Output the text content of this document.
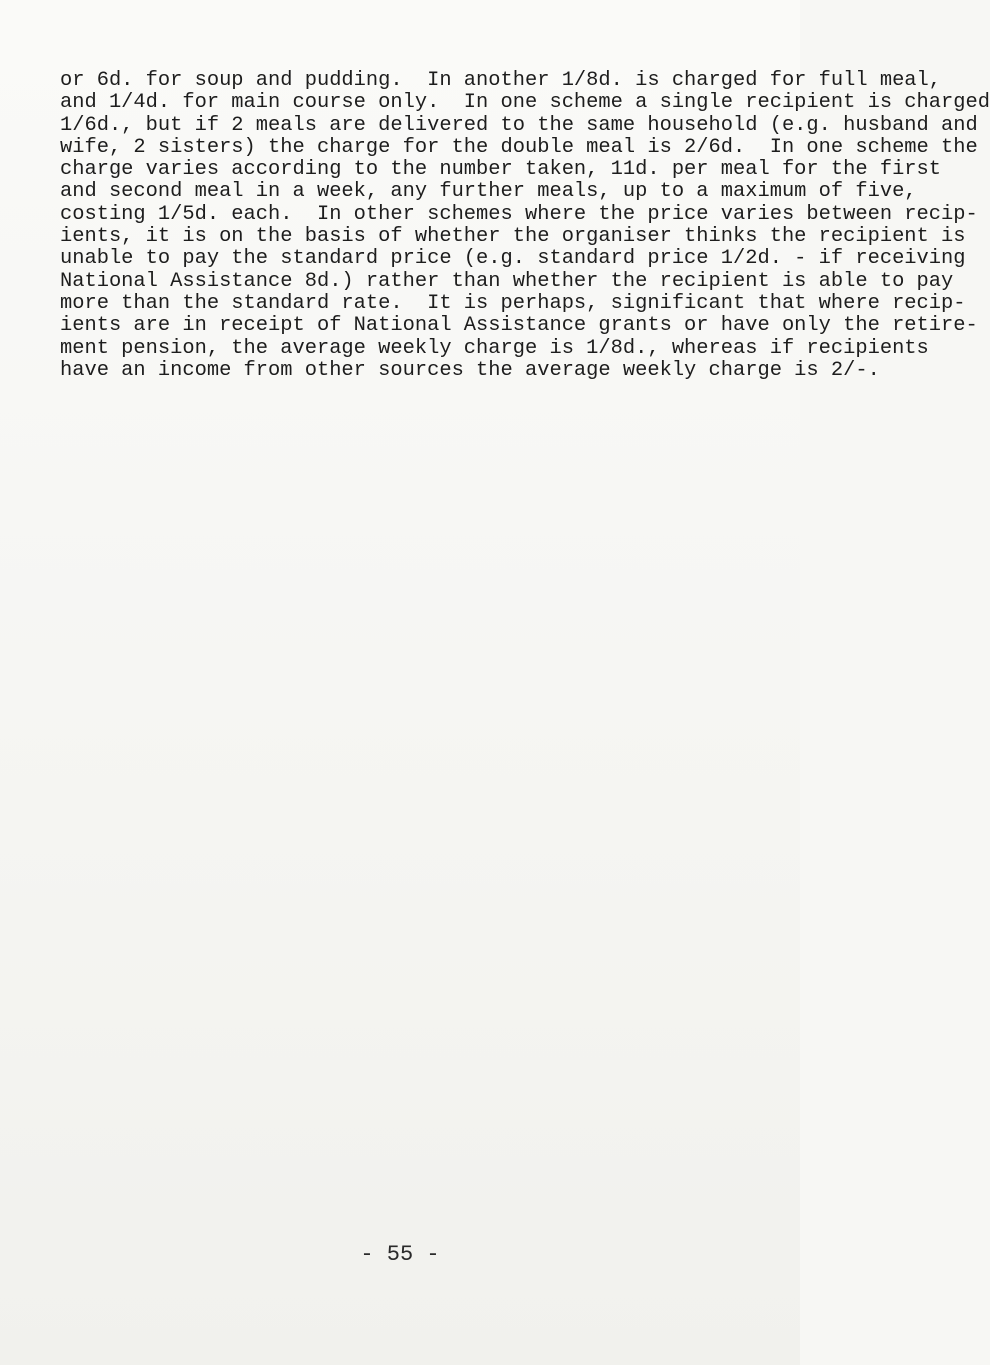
or 6d. for soup and pudding.  In another 1/8d. is charged for full meal,
and 1/4d. for main course only.  In one scheme a single recipient is charged
1/6d., but if 2 meals are delivered to the same household (e.g. husband and
wife, 2 sisters) the charge for the double meal is 2/6d.  In one scheme the
charge varies according to the number taken, 11d. per meal for the first
and second meal in a week, any further meals, up to a maximum of five,
costing 1/5d. each.  In other schemes where the price varies between recip-
ients, it is on the basis of whether the organiser thinks the recipient is
unable to pay the standard price (e.g. standard price 1/2d. - if receiving
National Assistance 8d.) rather than whether the recipient is able to pay
more than the standard rate.  It is perhaps, significant that where recip-
ients are in receipt of National Assistance grants or have only the retire-
ment pension, the average weekly charge is 1/8d., whereas if recipients
have an income from other sources the average weekly charge is 2/-.

- 55 -
